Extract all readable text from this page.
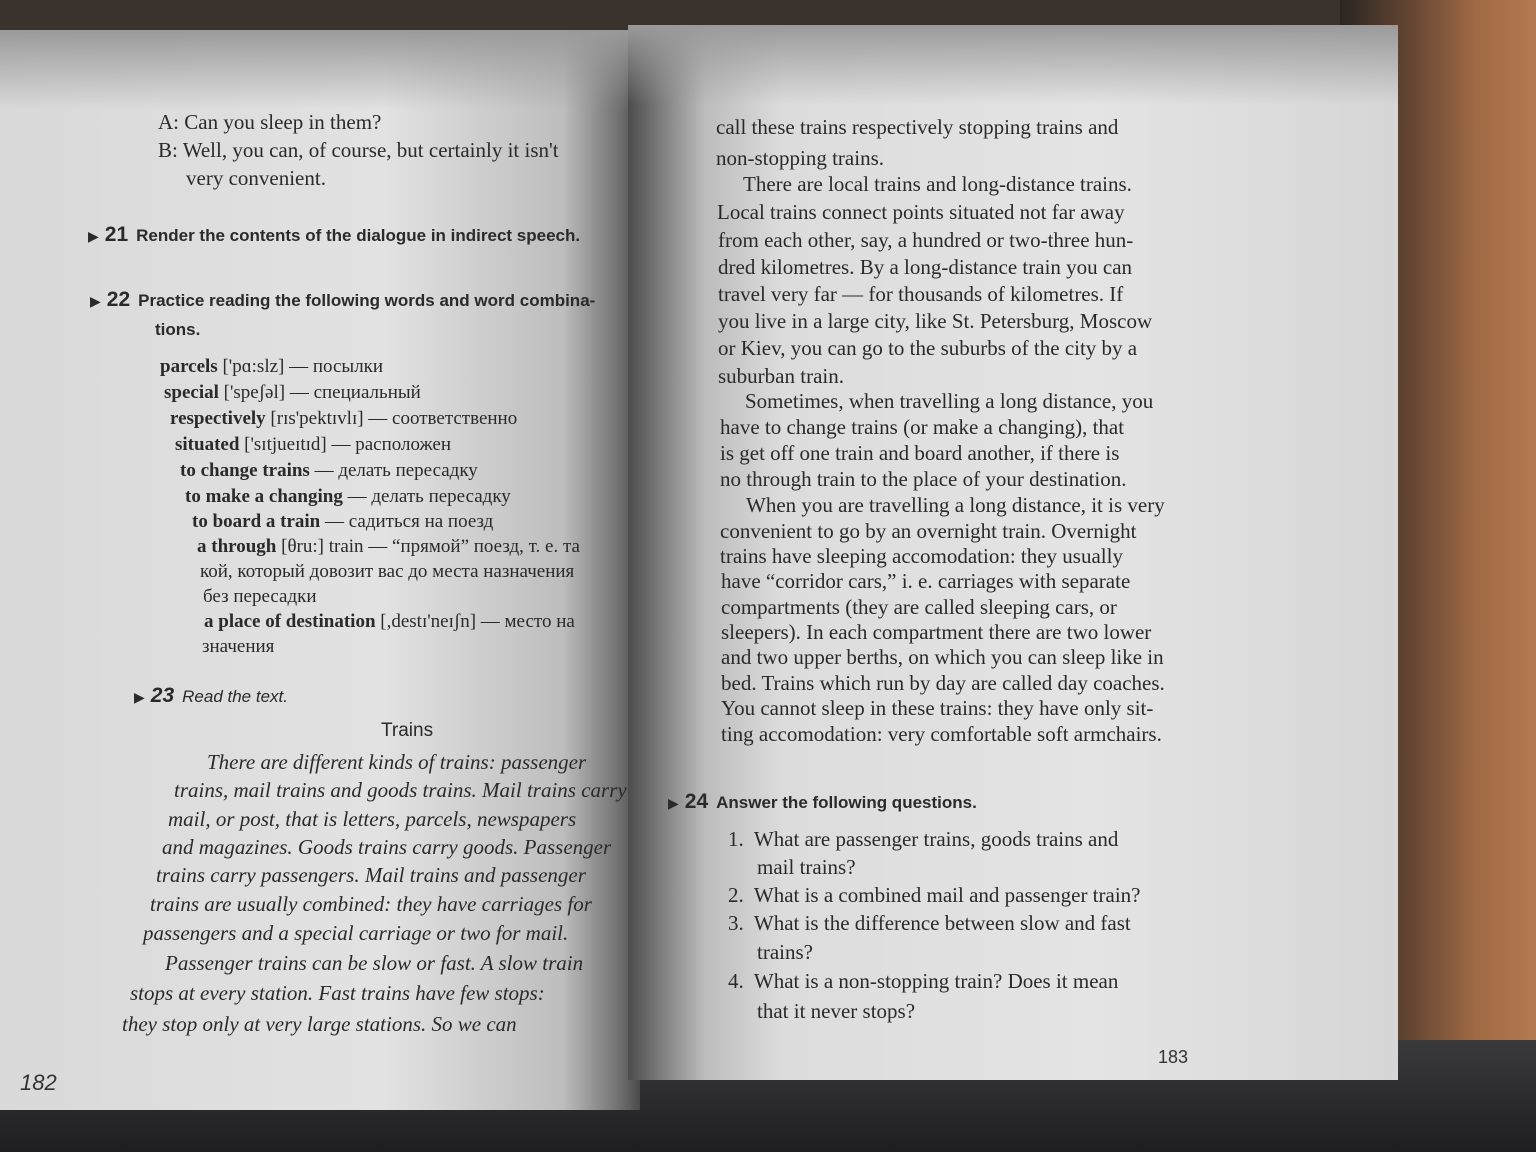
A: Can you sleep in them?
B: Well, you can, of course, but certainly it isn't
very convenient.
▶ 21 Render the contents of the dialogue in indirect speech.
▶ 22 Practice reading the following words and word combina-
tions.
parcels ['pɑ:slz] — посылки
special ['speʃəl] — специальный
respectively [rɪs'pektɪvlɪ] — соответственно
situated ['sɪtjueɪtɪd] — расположен
to change trains — делать пересадку
to make a changing — делать пересадку
to board a train — садиться на поезд
a through [θru:] train — “прямой” поезд, т. е. та
кой, который довозит вас до места назначения
без пересадки
a place of destination [,destɪ'neɪʃn] — место на
значения
▶ 23 Read the text.
Trains
There are different kinds of trains: passenger
trains, mail trains and goods trains. Mail trains carry
mail, or post, that is letters, parcels, newspapers
and magazines. Goods trains carry goods. Passenger
trains carry passengers. Mail trains and passenger
trains are usually combined: they have carriages for
passengers and a special carriage or two for mail.
Passenger trains can be slow or fast. A slow train
stops at every station. Fast trains have few stops:
they stop only at very large stations. So we can
182
call these trains respectively stopping trains and
non-stopping trains.
There are local trains and long-distance trains.
Local trains connect points situated not far away
from each other, say, a hundred or two-three hun-
dred kilometres. By a long-distance train you can
travel very far — for thousands of kilometres. If
you live in a large city, like St. Petersburg, Moscow
or Kiev, you can go to the suburbs of the city by a
suburban train.
Sometimes, when travelling a long distance, you
have to change trains (or make a changing), that
is get off one train and board another, if there is
no through train to the place of your destination.
When you are travelling a long distance, it is very
convenient to go by an overnight train. Overnight
trains have sleeping accomodation: they usually
have “corridor cars,” i. e. carriages with separate
compartments (they are called sleeping cars, or
sleepers). In each compartment there are two lower
and two upper berths, on which you can sleep like in
bed. Trains which run by day are called day coaches.
You cannot sleep in these trains: they have only sit-
ting accomodation: very comfortable soft armchairs.
▶ 24 Answer the following questions.
1. What are passenger trains, goods trains and
mail trains?
2. What is a combined mail and passenger train?
3. What is the difference between slow and fast
trains?
4. What is a non-stopping train? Does it mean
that it never stops?
183
